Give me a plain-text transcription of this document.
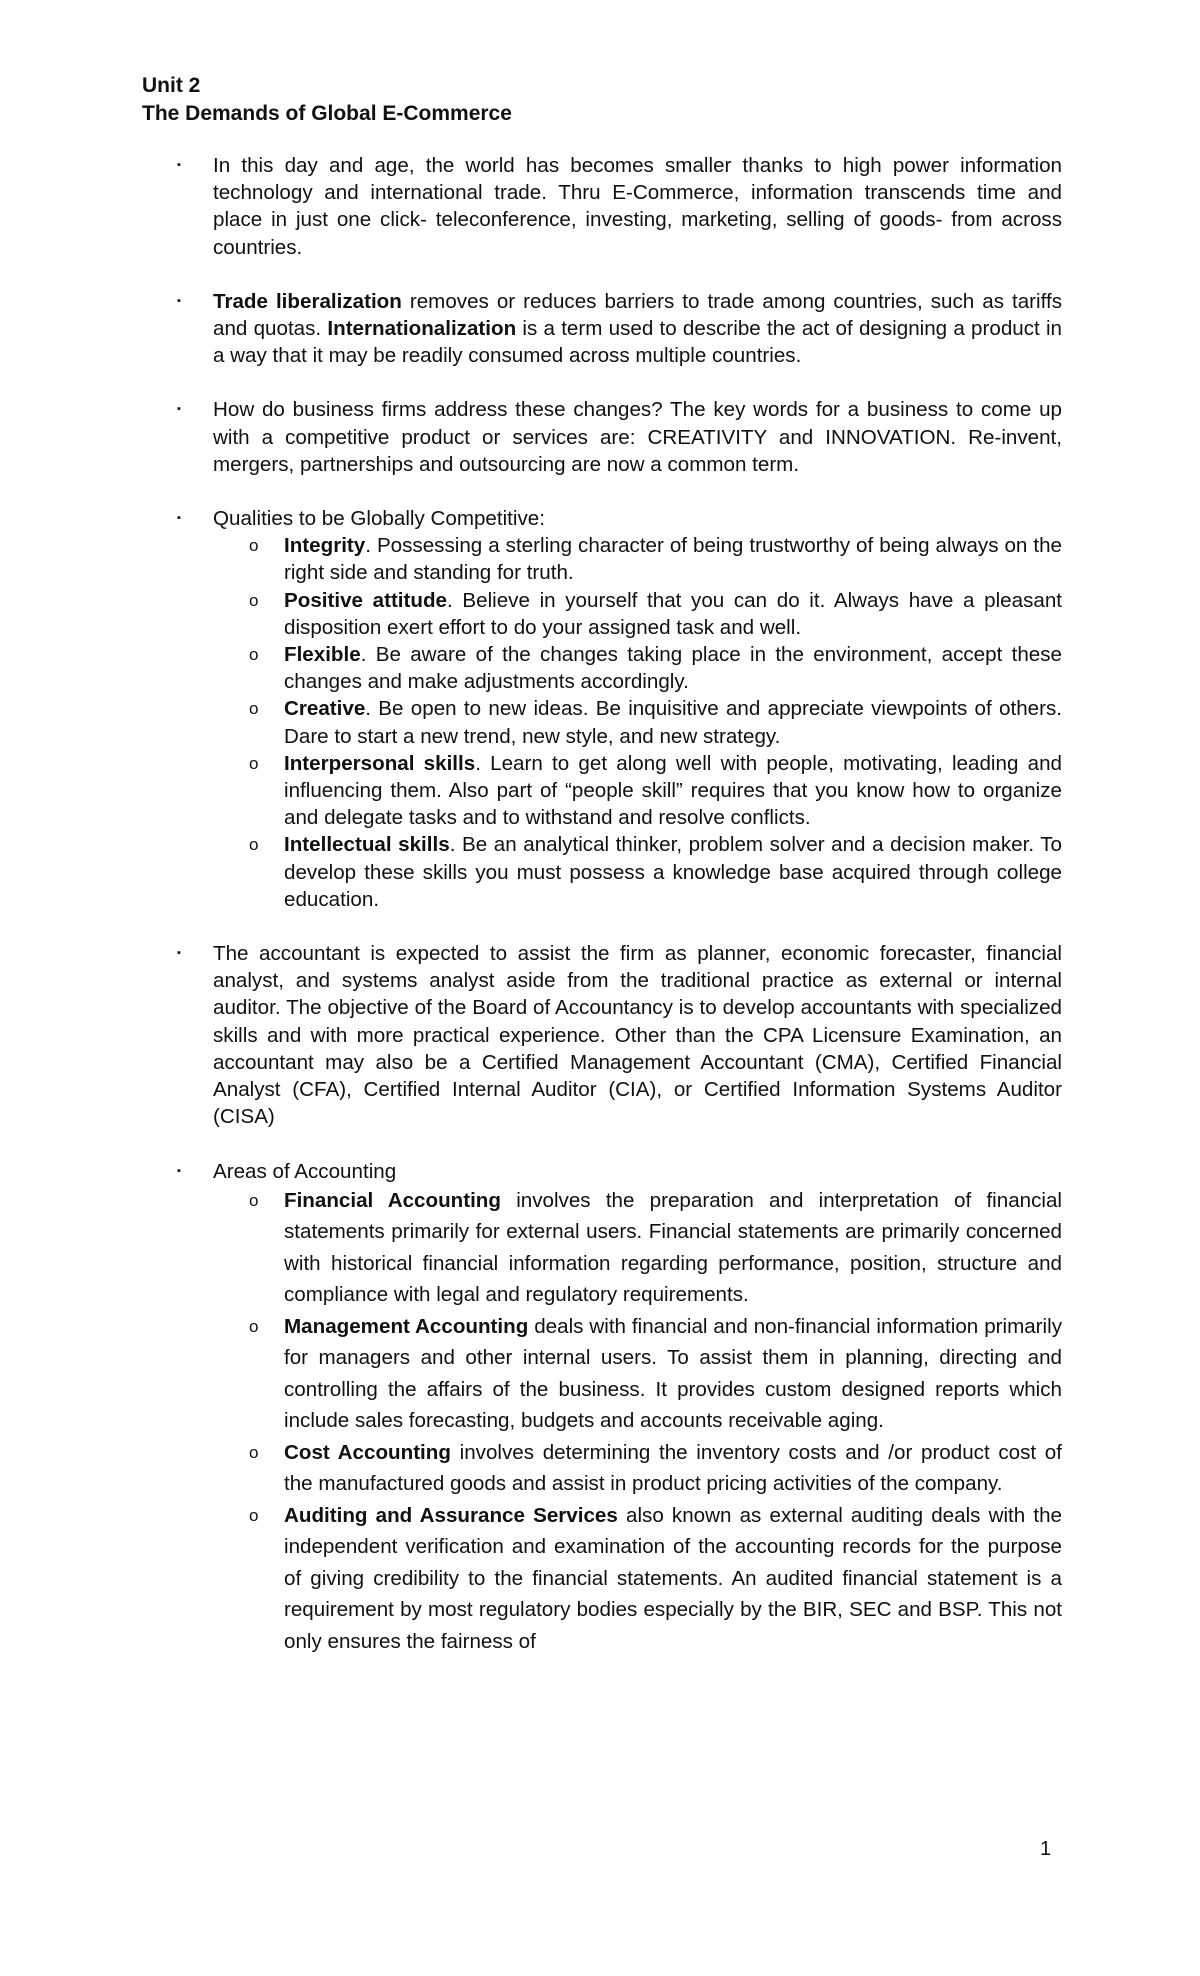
Unit 2
The Demands of Global E-Commerce
▪ In this day and age, the world has becomes smaller thanks to high power information technology and international trade. Thru E-Commerce, information transcends time and place in just one click- teleconference, investing, marketing, selling of goods- from across countries.
▪ Trade liberalization removes or reduces barriers to trade among countries, such as tariffs and quotas. Internationalization is a term used to describe the act of designing a product in a way that it may be readily consumed across multiple countries.
▪ How do business firms address these changes? The key words for a business to come up with a competitive product or services are: CREATIVITY and INNOVATION. Re-invent, mergers, partnerships and outsourcing are now a common term.
▪ Qualities to be Globally Competitive:
o Integrity. Possessing a sterling character of being trustworthy of being always on the right side and standing for truth.
o Positive attitude. Believe in yourself that you can do it. Always have a pleasant disposition exert effort to do your assigned task and well.
o Flexible. Be aware of the changes taking place in the environment, accept these changes and make adjustments accordingly.
o Creative. Be open to new ideas. Be inquisitive and appreciate viewpoints of others. Dare to start a new trend, new style, and new strategy.
o Interpersonal skills. Learn to get along well with people, motivating, leading and influencing them. Also part of “people skill” requires that you know how to organize and delegate tasks and to withstand and resolve conflicts.
o Intellectual skills. Be an analytical thinker, problem solver and a decision maker. To develop these skills you must possess a knowledge base acquired through college education.
▪ The accountant is expected to assist the firm as planner, economic forecaster, financial analyst, and systems analyst aside from the traditional practice as external or internal auditor. The objective of the Board of Accountancy is to develop accountants with specialized skills and with more practical experience. Other than the CPA Licensure Examination, an accountant may also be a Certified Management Accountant (CMA), Certified Financial Analyst (CFA), Certified Internal Auditor (CIA), or Certified Information Systems Auditor (CISA)
▪ Areas of Accounting
o Financial Accounting involves the preparation and interpretation of financial statements primarily for external users. Financial statements are primarily concerned with historical financial information regarding performance, position, structure and compliance with legal and regulatory requirements.
o Management Accounting deals with financial and non-financial information primarily for managers and other internal users. To assist them in planning, directing and controlling the affairs of the business. It provides custom designed reports which include sales forecasting, budgets and accounts receivable aging.
o Cost Accounting involves determining the inventory costs and /or product cost of the manufactured goods and assist in product pricing activities of the company.
o Auditing and Assurance Services also known as external auditing deals with the independent verification and examination of the accounting records for the purpose of giving credibility to the financial statements. An audited financial statement is a requirement by most regulatory bodies especially by the BIR, SEC and BSP. This not only ensures the fairness of
1
